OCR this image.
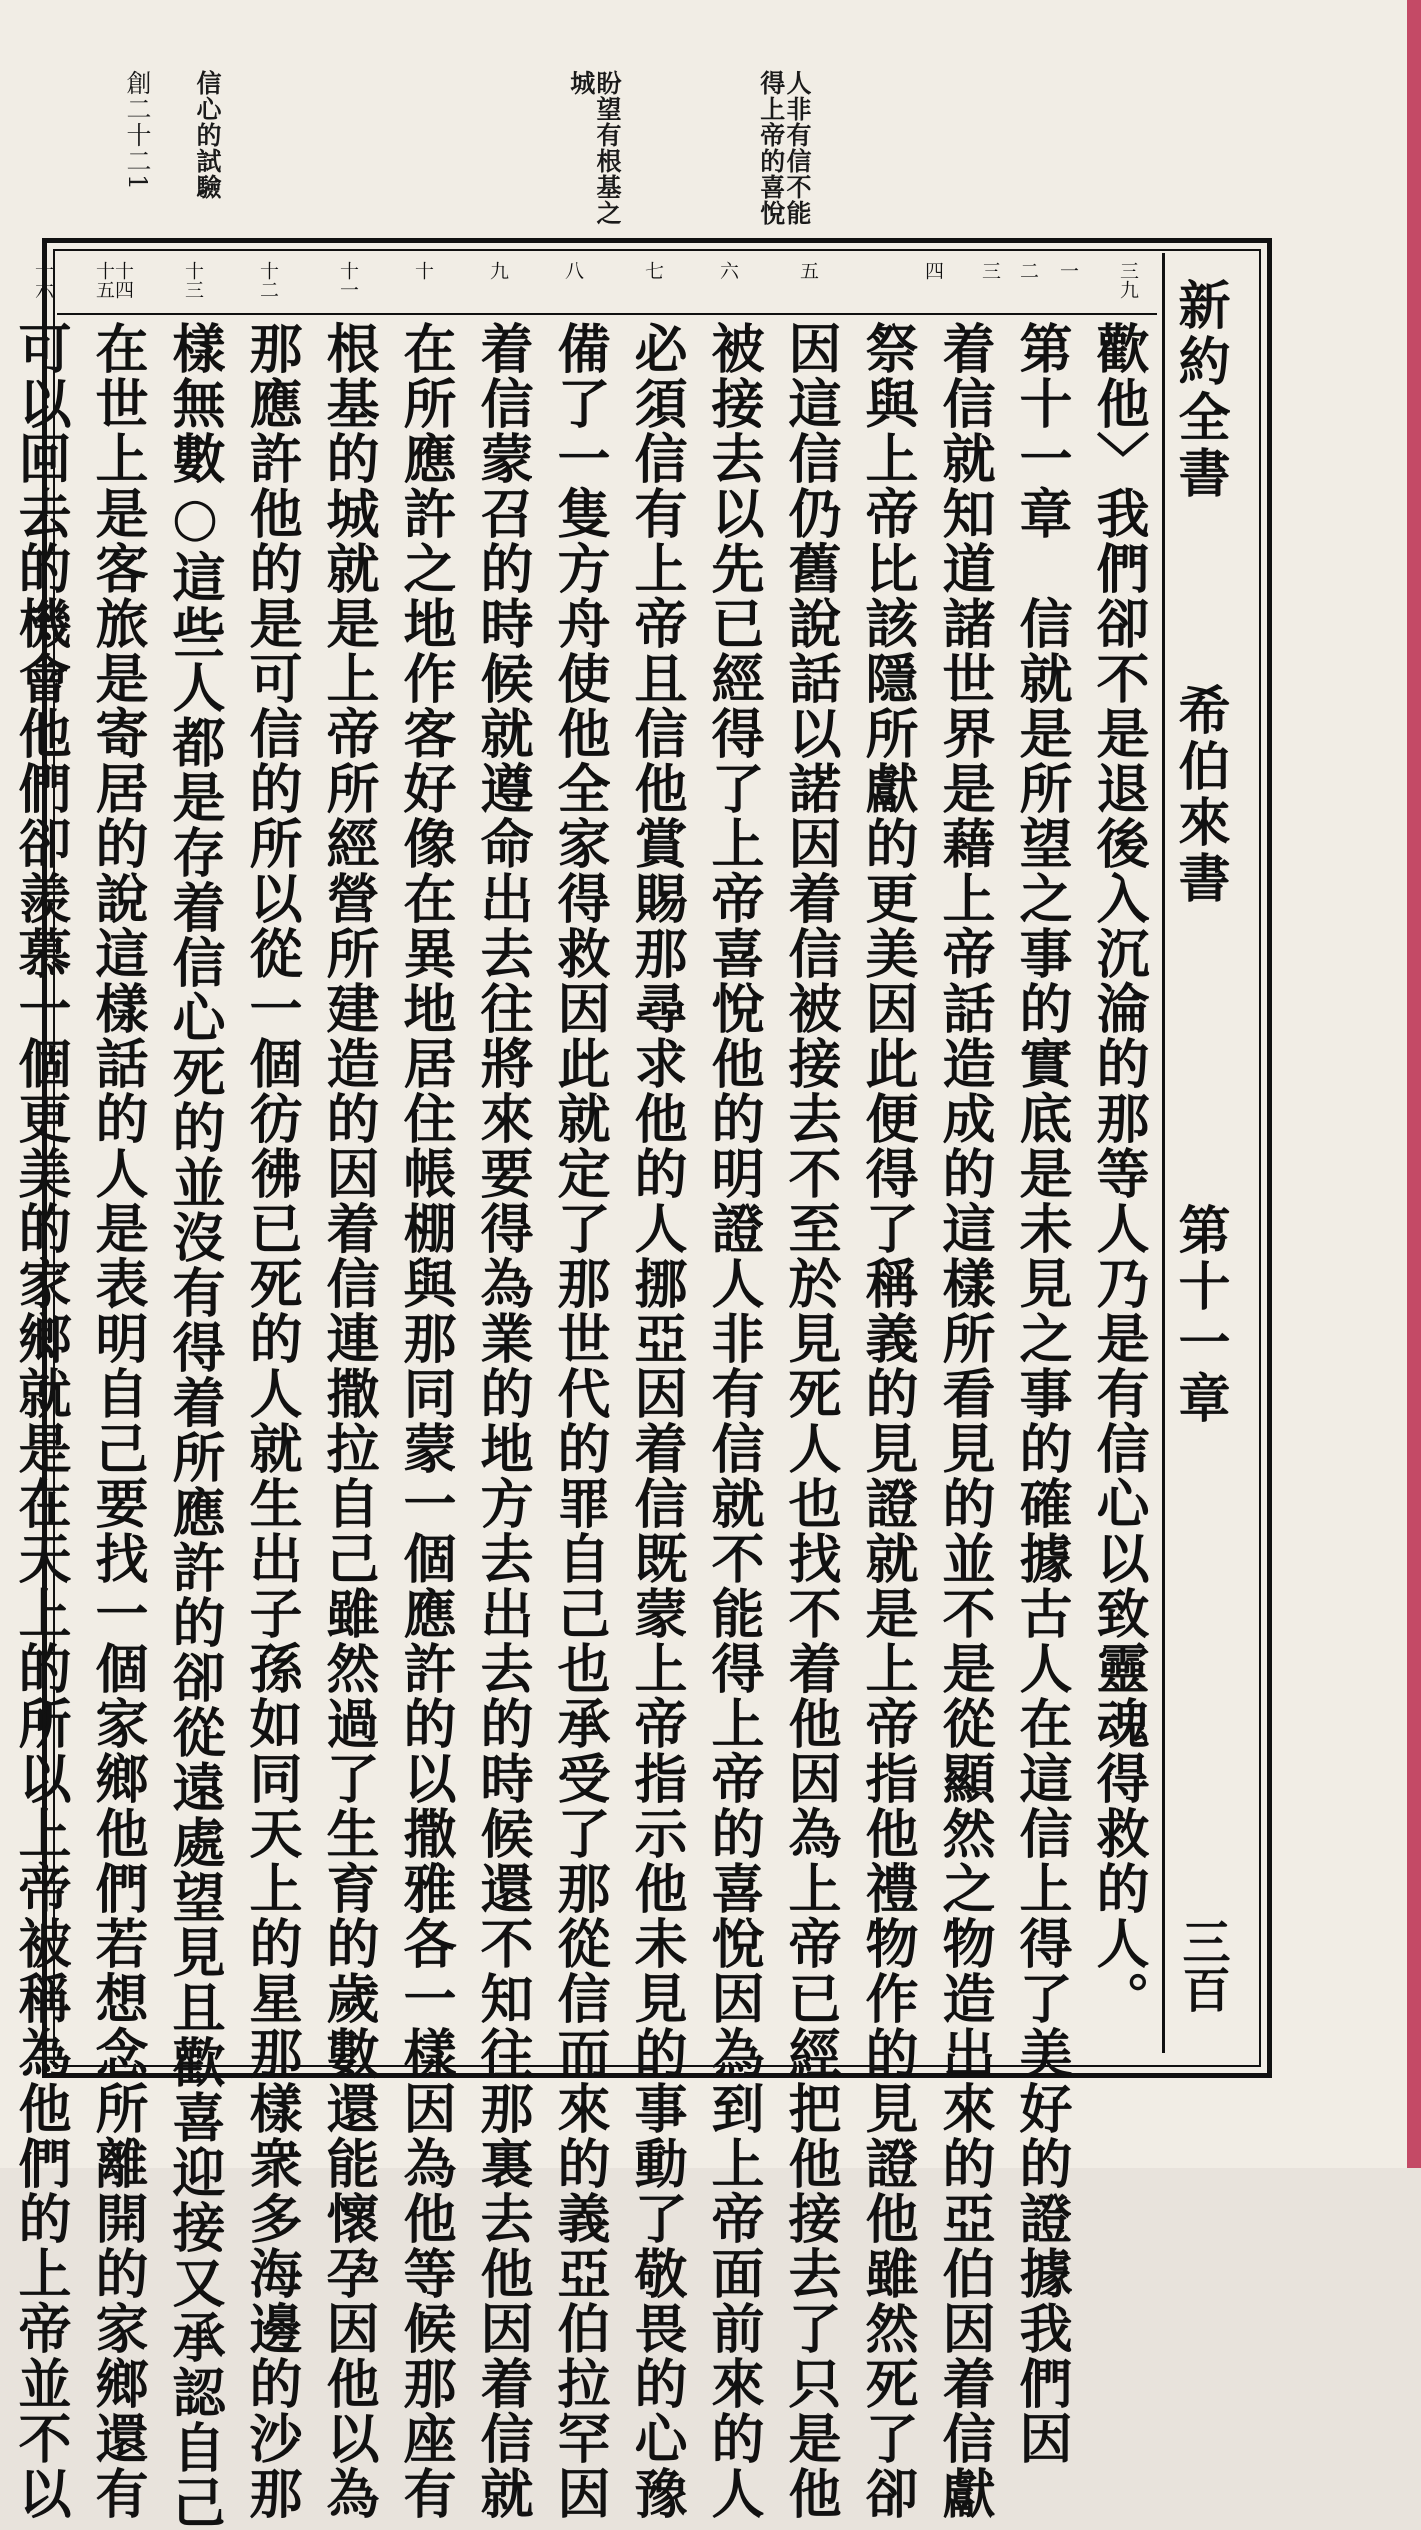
人非有信不能得上帝的喜悅
盼望有根基之城
信心的試驗
創二十二1
新約全書
希伯來書
第十一章
三百
三九
一
二
三
四
五
六
七
八
九
十
十一
十二
十三
十四十五
十六
歡他〉我們卻不是退後入沉淪的那等人乃是有信心以致靈魂得救的人。
第十一章　信就是所望之事的實底是未見之事的確據古人在這信上得了美好的證據我們因
着信就知道諸世界是藉上帝話造成的這樣所看見的並不是從顯然之物造出來的亞伯因着信獻
祭與上帝比該隱所獻的更美因此便得了稱義的見證就是上帝指他禮物作的見證他雖然死了卻
因這信仍舊說話以諾因着信被接去不至於見死人也找不着他因為上帝已經把他接去了只是他
被接去以先已經得了上帝喜悅他的明證人非有信就不能得上帝的喜悅因為到上帝面前來的人
必須信有上帝且信他賞賜那尋求他的人挪亞因着信既蒙上帝指示他未見的事動了敬畏的心豫
備了一隻方舟使他全家得救因此就定了那世代的罪自己也承受了那從信而來的義亞伯拉罕因
着信蒙召的時候就遵命出去往將來要得為業的地方去出去的時候還不知往那裏去他因着信就
在所應許之地作客好像在異地居住帳棚與那同蒙一個應許的以撒雅各一樣因為他等候那座有
根基的城就是上帝所經營所建造的因着信連撒拉自己雖然過了生育的歲數還能懷孕因他以為
那應許他的是可信的所以從一個彷彿已死的人就生出子孫如同天上的星那樣衆多海邊的沙那
樣無數○這些人都是存着信心死的並沒有得着所應許的卻從遠處望見且歡喜迎接又承認自己
在世上是客旅是寄居的說這樣話的人是表明自己要找一個家鄉他們若想念所離開的家鄉還有
可以回去的機會他們卻羨慕一個更美的家鄉就是在天上的所以上帝被稱為他們的上帝並不以
